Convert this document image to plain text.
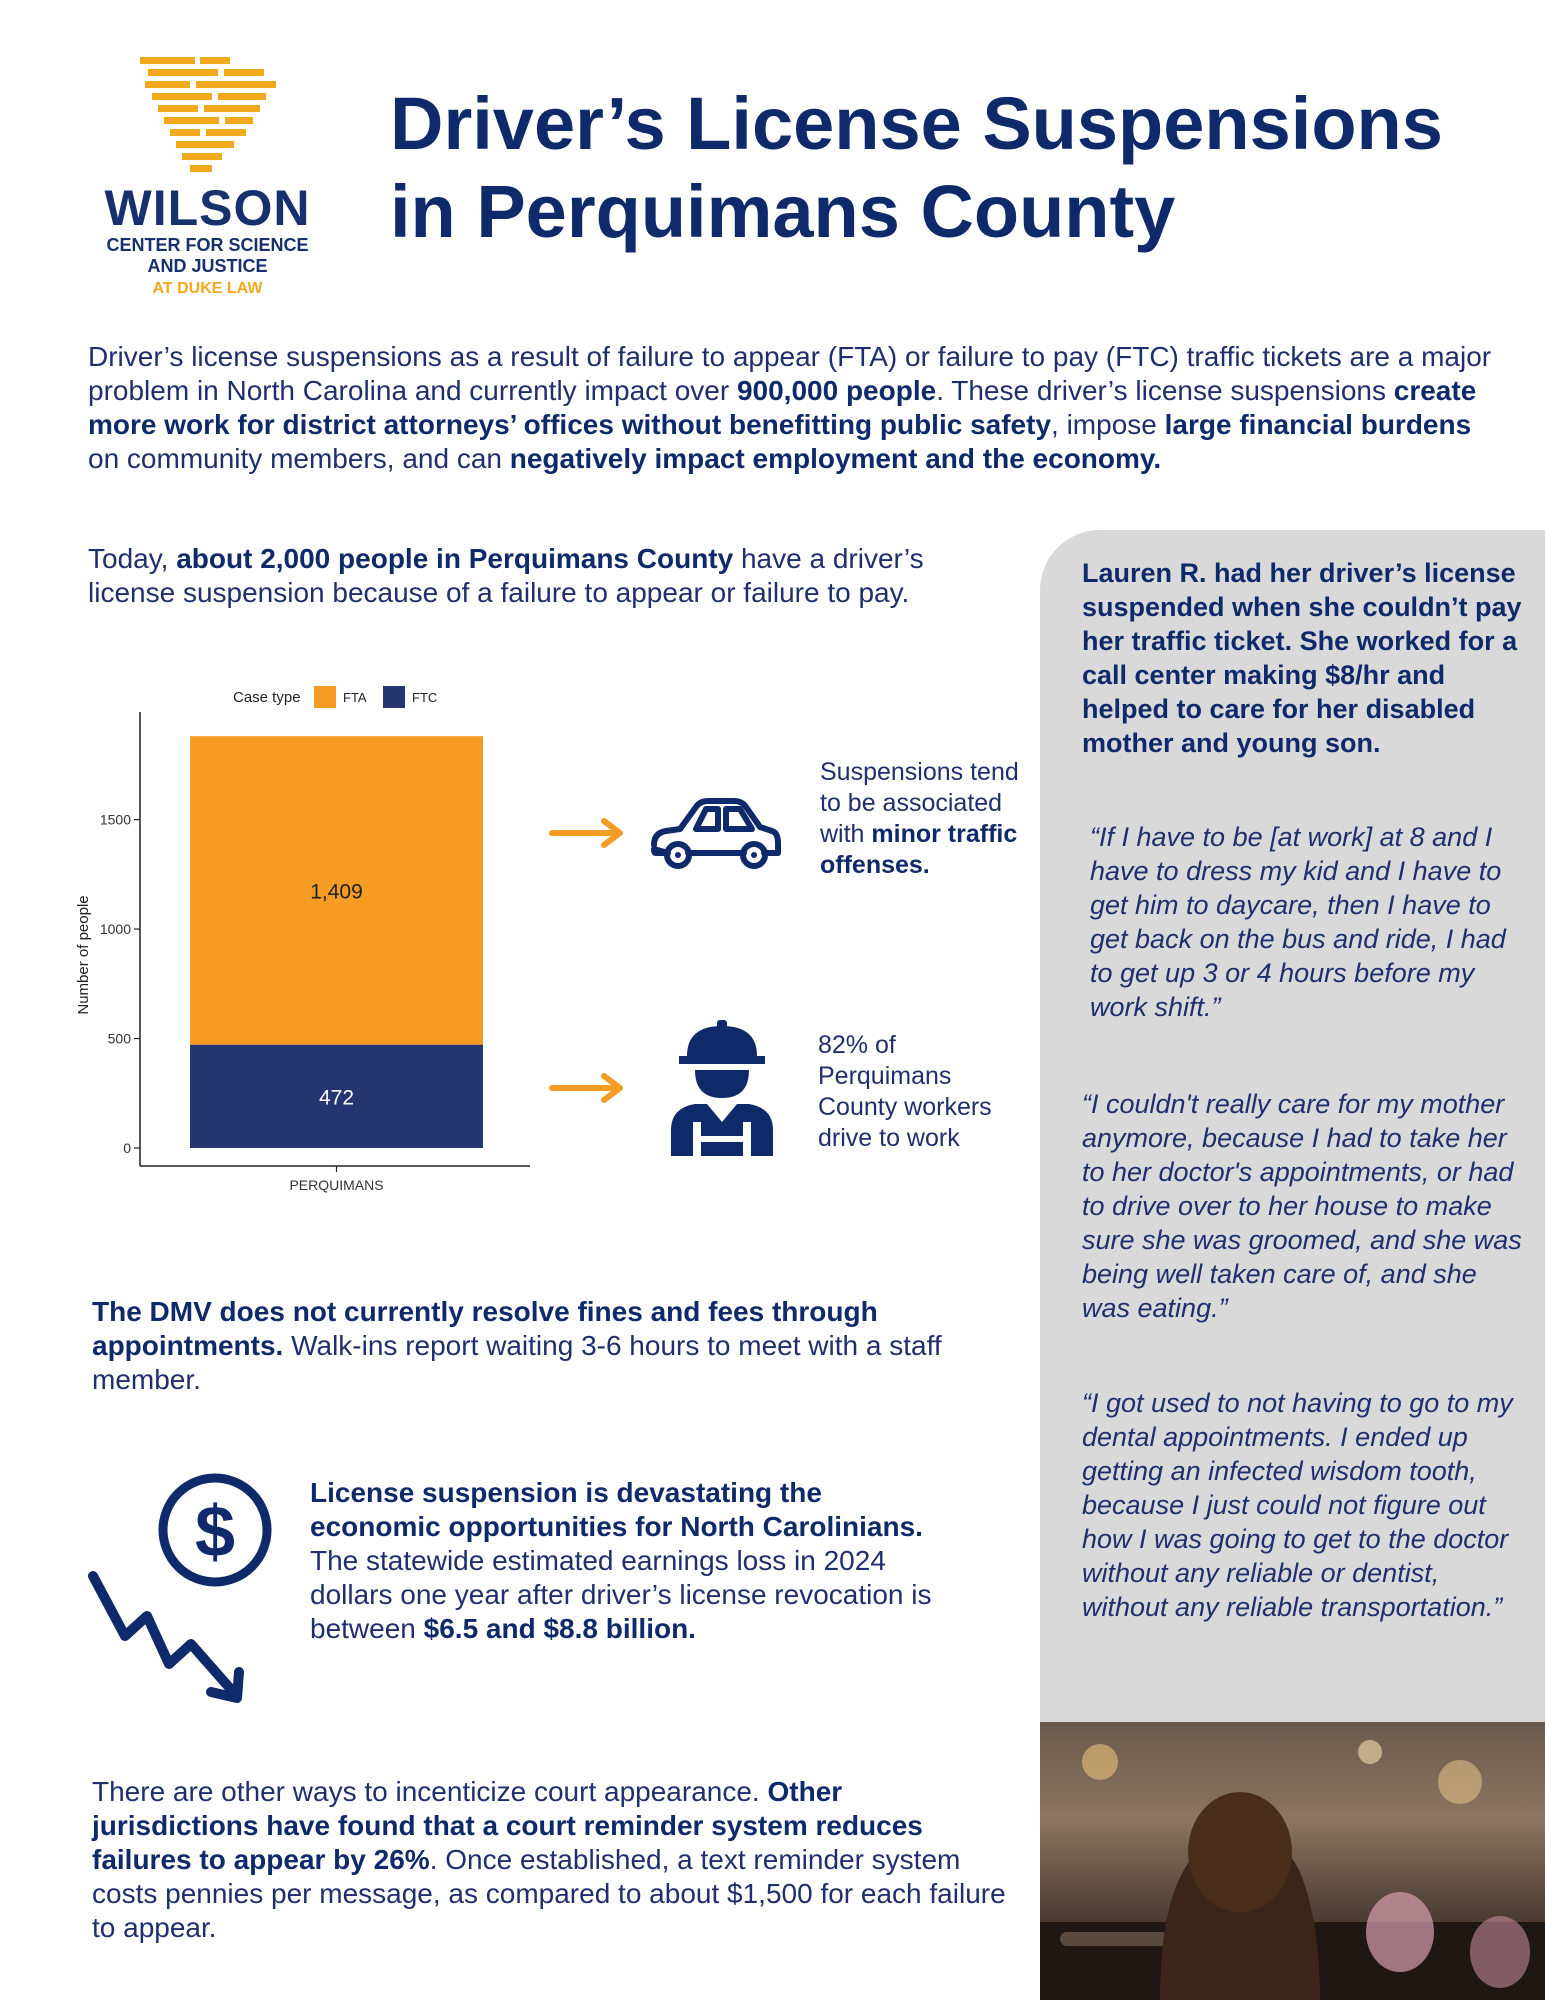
WILSON
CENTER FOR SCIENCE
AND JUSTICE
AT DUKE LAW
Driver’s License Suspensions
in Perquimans County
Driver’s license suspensions as a result of failure to appear (FTA) or failure to pay (FTC) traffic tickets are a major problem in North Carolina and currently impact over 900,000 people. These driver’s license suspensions create more work for district attorneys’ offices without benefitting public safety, impose large financial burdens on community members, and can negatively impact employment and the economy.
Today, about 2,000 people in Perquimans County have a driver’s license suspension because of a failure to appear or failure to pay.
Case type	FTA	FTC
Number of people
0
500
1000
1500
PERQUIMANS
472
1,409
Suspensions tend to be associated with minor traffic offenses.
82% of Perquimans County workers drive to work
The DMV does not currently resolve fines and fees through appointments. Walk-ins report waiting 3-6 hours to meet with a staff member.
$	License suspension is devastating the economic opportunities for North Carolinians. The statewide estimated earnings loss in 2024 dollars one year after driver’s license revocation is between $6.5 and $8.8 billion.
There are other ways to incenticize court appearance. Other jurisdictions have found that a court reminder system reduces failures to appear by 26%. Once established, a text reminder system costs pennies per message, as compared to about $1,500 for each failure to appear.
Lauren R. had her driver’s license suspended when she couldn’t pay her traffic ticket. She worked for a call center making $8/hr and helped to care for her disabled mother and young son.
“If I have to be [at work] at 8 and I have to dress my kid and I have to get him to daycare, then I have to get back on the bus and ride, I had to get up 3 or 4 hours before my work shift.”
“I couldn't really care for my mother anymore, because I had to take her to her doctor's appointments, or had to drive over to her house to make sure she was groomed, and she was being well taken care of, and she was eating.”
“I got used to not having to go to my dental appointments. I ended up getting an infected wisdom tooth, because I just could not figure out how I was going to get to the doctor without any reliable or dentist, without any reliable transportation.”
